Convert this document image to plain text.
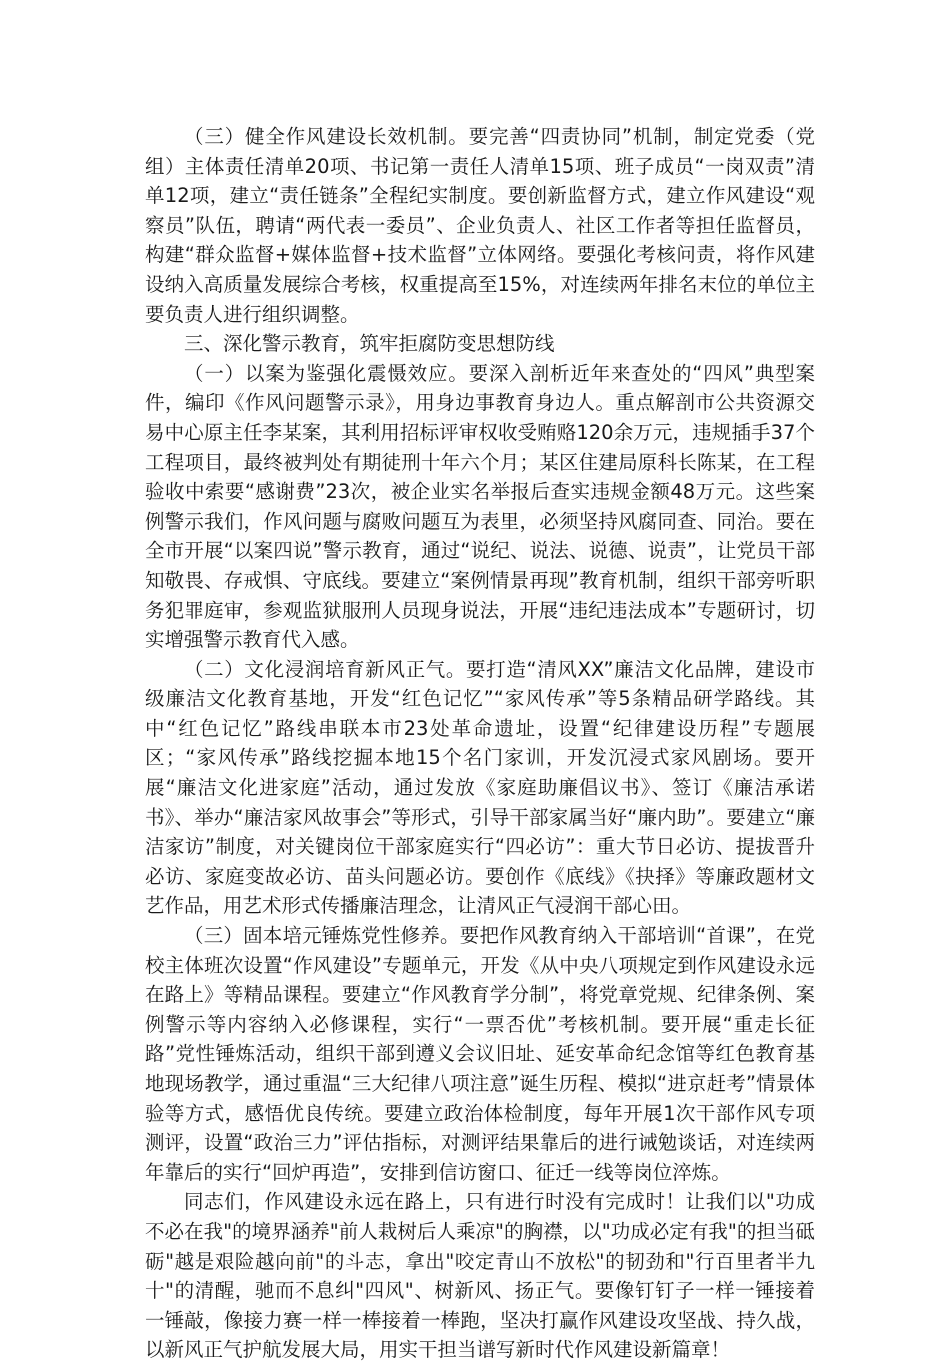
（三）健全作风建设长效机制。要完善“四责协同”机制，制定党委（党组）主体责任清单20项、书记第一责任人清单15项、班子成员“一岗双责”清单12项，建立“责任链条”全程纪实制度。要创新监督方式，建立作风建设“观察员”队伍，聘请“两代表一委员”、企业负责人、社区工作者等担任监督员，构建“群众监督+媒体监督+技术监督”立体网络。要强化考核问责，将作风建设纳入高质量发展综合考核，权重提高至15%，对连续两年排名末位的单位主要负责人进行组织调整。

三、深化警示教育，筑牢拒腐防变思想防线

（一）以案为鉴强化震慑效应。要深入剖析近年来查处的“四风”典型案件，编印《作风问题警示录》，用身边事教育身边人。重点解剖市公共资源交易中心原主任李某案，其利用招标评审权收受贿赂120余万元，违规插手37个工程项目，最终被判处有期徒刑十年六个月；某区住建局原科长陈某，在工程验收中索要“感谢费”23次，被企业实名举报后查实违规金额48万元。这些案例警示我们，作风问题与腐败问题互为表里，必须坚持风腐同查、同治。要在全市开展“以案四说”警示教育，通过“说纪、说法、说德、说责”，让党员干部知敬畏、存戒惧、守底线。要建立“案例情景再现”教育机制，组织干部旁听职务犯罪庭审，参观监狱服刑人员现身说法，开展“违纪违法成本”专题研讨，切实增强警示教育代入感。

（二）文化浸润培育新风正气。要打造“清风XX”廉洁文化品牌，建设市级廉洁文化教育基地，开发“红色记忆”“家风传承”等5条精品研学路线。其中“红色记忆”路线串联本市23处革命遗址，设置“纪律建设历程”专题展区；“家风传承”路线挖掘本地15个名门家训，开发沉浸式家风剧场。要开展“廉洁文化进家庭”活动，通过发放《家庭助廉倡议书》、签订《廉洁承诺书》、举办“廉洁家风故事会”等形式，引导干部家属当好“廉内助”。要建立“廉洁家访”制度，对关键岗位干部家庭实行“四必访”：重大节日必访、提拔晋升必访、家庭变故必访、苗头问题必访。要创作《底线》《抉择》等廉政题材文艺作品，用艺术形式传播廉洁理念，让清风正气浸润干部心田。

（三）固本培元锤炼党性修养。要把作风教育纳入干部培训“首课”，在党校主体班次设置“作风建设”专题单元，开发《从中央八项规定到作风建设永远在路上》等精品课程。要建立“作风教育学分制”，将党章党规、纪律条例、案例警示等内容纳入必修课程，实行“一票否优”考核机制。要开展“重走长征路”党性锤炼活动，组织干部到遵义会议旧址、延安革命纪念馆等红色教育基地现场教学，通过重温“三大纪律八项注意”诞生历程、模拟“进京赶考”情景体验等方式，感悟优良传统。要建立政治体检制度，每年开展1次干部作风专项测评，设置“政治三力”评估指标，对测评结果靠后的进行诫勉谈话，对连续两年靠后的实行“回炉再造”，安排到信访窗口、征迁一线等岗位淬炼。

同志们，作风建设永远在路上，只有进行时没有完成时！让我们以"功成不必在我"的境界涵养"前人栽树后人乘凉"的胸襟，以"功成必定有我"的担当砥砺"越是艰险越向前"的斗志，拿出"咬定青山不放松"的韧劲和"行百里者半九十"的清醒，驰而不息纠"四风"、树新风、扬正气。要像钉钉子一样一锤接着一锤敲，像接力赛一样一棒接着一棒跑，坚决打赢作风建设攻坚战、持久战，以新风正气护航发展大局，用实干担当谱写新时代作风建设新篇章！
